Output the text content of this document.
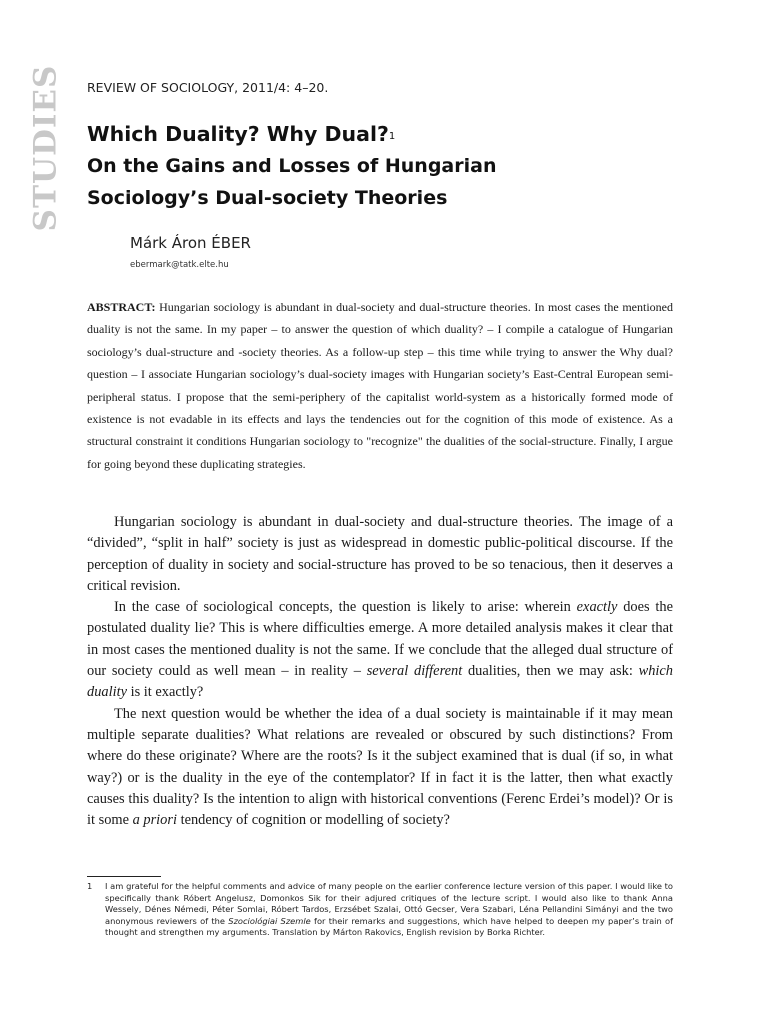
STUDIES REVIEW OF SOCIOLOGY, 2011/4: 4–20.
Which Duality? Why Dual?$^1$
On the Gains and Losses of Hungarian
Sociology’s Dual-society Theories
Márk Áron ÉBER
ebermark@tatk.elte.hu

ABSTRACT: Hungarian sociology is abundant in dual-society and dual-structure theories. In most cases the mentioned duality is not the same. In my paper – to answer the question of which duality? – I compile a catalogue of Hungarian sociology’s dual-structure and -society theories. As a follow-up step – this time while trying to answer the Why dual? question – I associate Hungarian sociology’s dual-society images with Hungarian society’s East-Central European semi-peripheral status. I propose that the semi-periphery of the capitalist world-system as a historically formed mode of existence is not evadable in its effects and lays the tendencies out for the cognition of this mode of existence. As a structural constraint it conditions Hungarian sociology to "recognize" the dualities of the social-structure. Finally, I argue for going beyond these duplicating strategies.

Hungarian sociology is abundant in dual-society and dual-structure theories. The image of a “divided”, “split in half” society is just as widespread in domestic public-political discourse. If the perception of duality in society and social-structure has proved to be so tenacious, then it deserves a critical revision.

In the case of sociological concepts, the question is likely to arise: wherein exactly does the postulated duality lie? This is where difficulties emerge. A more detailed analysis makes it clear that in most cases the mentioned duality is not the same. If we conclude that the alleged dual structure of our society could as well mean – in reality – several different dualities, then we may ask: which duality is it exactly?

The next question would be whether the idea of a dual society is maintainable if it may mean multiple separate dualities? What relations are revealed or obscured by such distinctions? From where do these originate? Where are the roots? Is it the subject examined that is dual (if so, in what way?) or is the duality in the eye of the contemplator? If in fact it is the latter, then what exactly causes this duality? Is the intention to align with historical conventions (Ferenc Erdei’s model)? Or is it some a priori tendency of cognition or modelling of society?

1	I am grateful for the helpful comments and advice of many people on the earlier conference lecture version of this paper. I would like to specifically thank Róbert Angelusz, Domonkos Sik for their adjured critiques of the lecture script. I would also like to thank Anna Wessely, Dénes Némedi, Péter Somlai, Róbert Tardos, Erzsébet Szalai, Ottó Gecser, Vera Szabari, Léna Pellandini Simányi and the two anonymous reviewers of the Szociológiai Szemle for their remarks and suggestions, which have helped to deepen my paper’s train of thought and strengthen my arguments. Translation by Márton Rakovics, English revision by Borka Richter.
